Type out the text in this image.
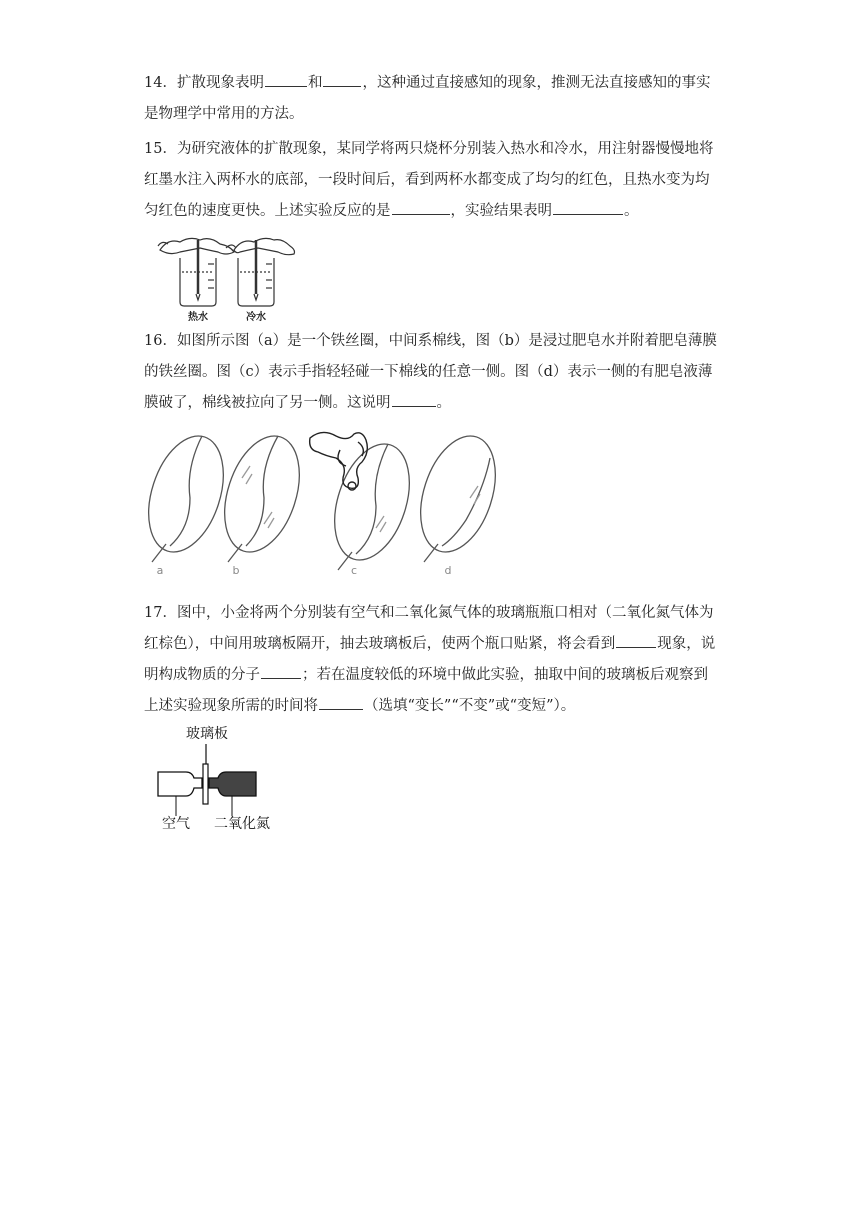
14．扩散现象表明	和	，这种通过直接感知的现象，推测无法直接感知的事实是物理学中常用的方法。

15．为研究液体的扩散现象，某同学将两只烧杯分别装入热水和冷水，用注射器慢慢地将红墨水注入两杯水的底部，一段时间后，看到两杯水都变成了均匀的红色，且热水变为均匀红色的速度更快。上述实验反应的是	，实验结果表明	。

热水	冷水

16．如图所示图（a）是一个铁丝圈，中间系棉线，图（b）是浸过肥皂水并附着肥皂薄膜的铁丝圈。图（c）表示手指轻轻碰一下棉线的任意一侧。图（d）表示一侧的有肥皂液薄膜破了，棉线被拉向了另一侧。这说明	。

a	b	c	d

17．图中，小金将两个分别装有空气和二氧化氮气体的玻璃瓶瓶口相对（二氧化氮气体为红棕色），中间用玻璃板隔开，抽去玻璃板后，使两个瓶口贴紧，将会看到	现象，说明构成物质的分子	；若在温度较低的环境中做此实验，抽取中间的玻璃板后观察到上述实验现象所需的时间将	（选填“变长”“不变”或“变短”）。

玻璃板
空气 二氧化氮
